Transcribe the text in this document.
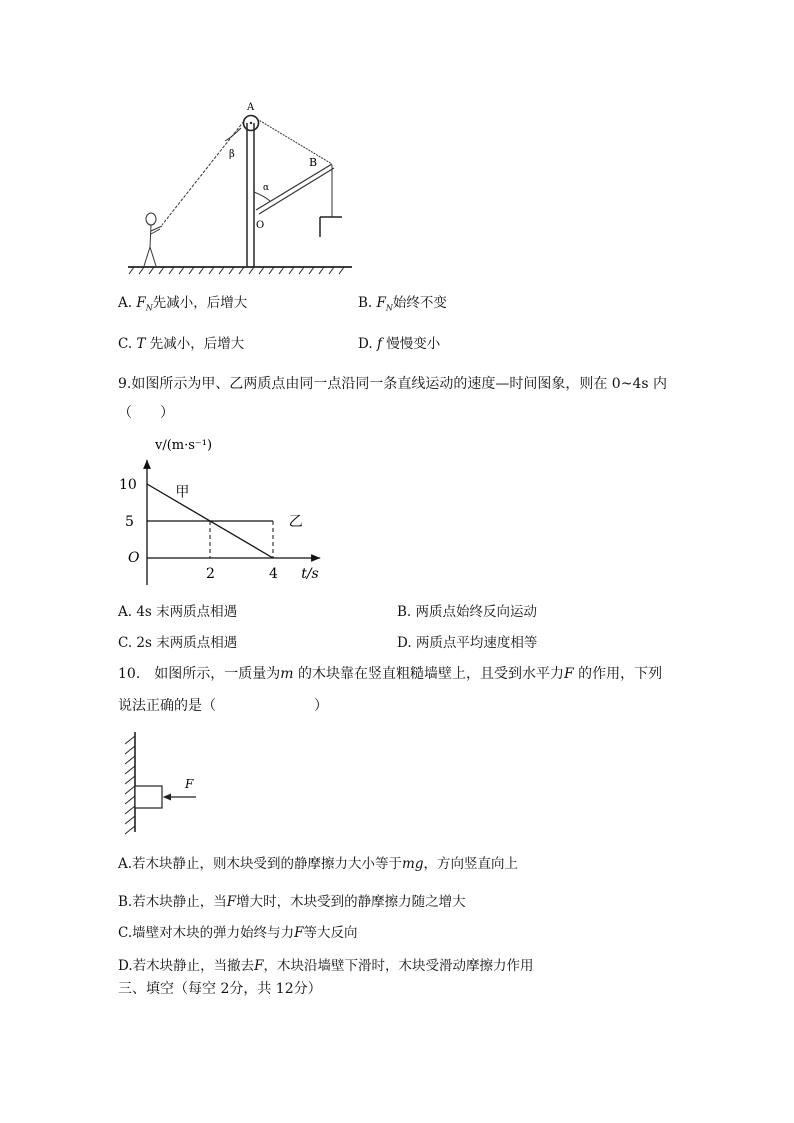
A
B
O
α
β
A. $F_N$先减小，后增大	B. $F_N$始终不变
C. T 先减小，后增大	D. f 慢慢变小
9.如图所示为甲、乙两质点由同一点沿同一条直线运动的速度—时间图象，则在 0~4s 内
（　　）
甲
乙
2	4
5
10
O
v/(m·s⁻¹)
t/s
A. 4s 末两质点相遇	B. 两质点始终反向运动
C. 2s 末两质点相遇	D. 两质点平均速度相等
10.　如图所示，一质量为m 的木块靠在竖直粗糙墙壁上，且受到水平力F 的作用，下列
说法正确的是（　　　　　　　）
F
A.若木块静止，则木块受到的静摩擦力大小等于mg，方向竖直向上
B.若木块静止，当F增大时，木块受到的静摩擦力随之增大
C.墙壁对木块的弹力始终与力F等大反向
D.若木块静止，当撤去F，木块沿墙壁下滑时，木块受滑动摩擦力作用
三、填空（每空 2分，共 12分）
